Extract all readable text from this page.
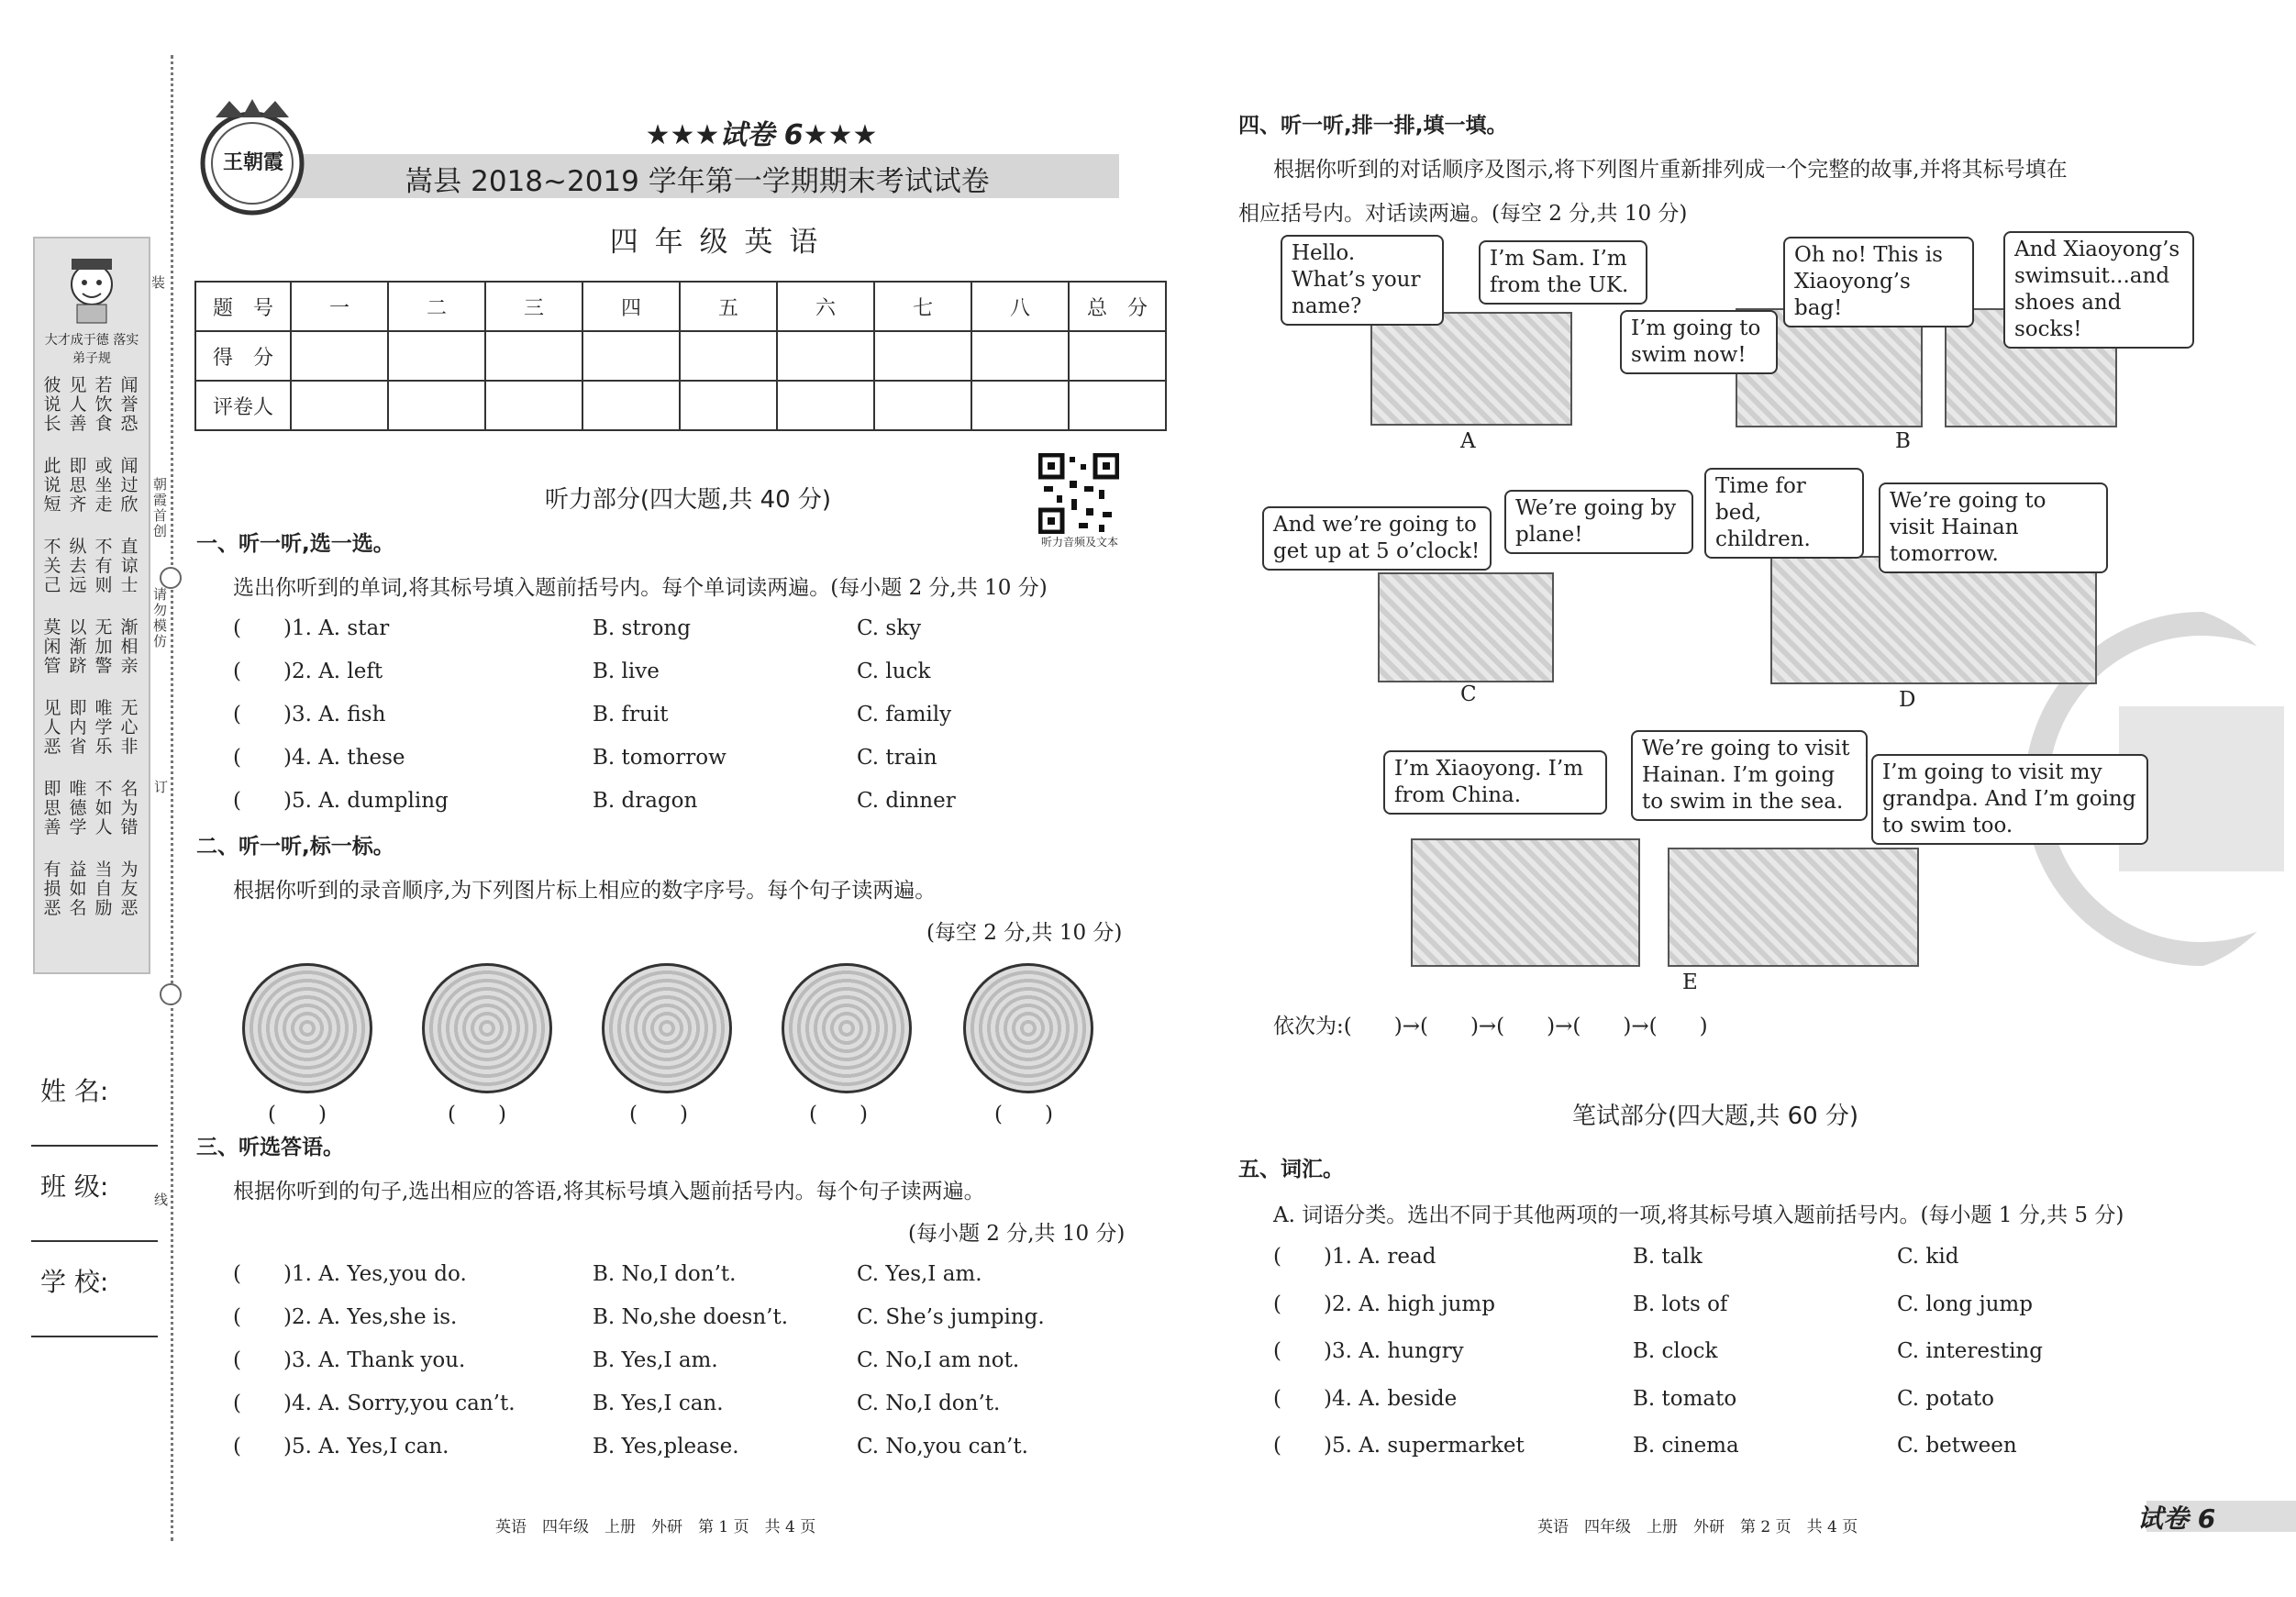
大才成于德 落实弟子规
彼说长
见人善
若饮食
闻誉恐
此说短
即思齐
或坐走
闻过欣
不关己
纵去远
不有则
直谅士
莫闲管
以渐跻
无加警
渐相亲
见人恶
即内省
唯学乐
无心非
即思善
唯德学
不如人
名为错
有损恶
益如名
当自励
为友恶
装
朝霞首创
请勿模仿
订
线
姓 名:
班 级:
学 校:
王朝霞
★★★试卷 6★★★
嵩县 2018~2019 学年第一学期期末考试试卷
四 年 级 英 语
题　号	一	二	三	四	五	六	七	八	总　分
得　分									
评卷人									
听力音频及文本
听力部分(四大题,共 40 分)
一、听一听,选一选。
选出你听到的单词,将其标号填入题前括号内。每个单词读两遍。(每小题 2 分,共 10 分)
(　　)1. A. star	B. strong	C. sky
(　　)2. A. left	B. live	C. luck
(　　)3. A. fish	B. fruit	C. family
(　　)4. A. these	B. tomorrow	C. train
(　　)5. A. dumpling	B. dragon	C. dinner
二、听一听,标一标。
根据你听到的录音顺序,为下列图片标上相应的数字序号。每个句子读两遍。
(每空 2 分,共 10 分)
(　　)	(　　)	(　　)	(　　)	(　　)
三、听选答语。
根据你听到的句子,选出相应的答语,将其标号填入题前括号内。每个句子读两遍。
(每小题 2 分,共 10 分)
(　　)1. A. Yes,you do.	B. No,I don’t.	C. Yes,I am.
(　　)2. A. Yes,she is.	B. No,she doesn’t.	C. She’s jumping.
(　　)3. A. Thank you.	B. Yes,I am.	C. No,I am not.
(　　)4. A. Sorry,you can’t.	B. Yes,I can.	C. No,I don’t.
(　　)5. A. Yes,I can.	B. Yes,please.	C. No,you can’t.
英语　四年级　上册　外研　第 1 页　共 4 页
四、听一听,排一排,填一填。
根据你听到的对话顺序及图示,将下列图片重新排列成一个完整的故事,并将其标号填在
相应括号内。对话读两遍。(每空 2 分,共 10 分)
Hello. What’s your name?
I’m Sam. I’m from the UK.
Oh no! This is Xiaoyong’s bag!
And Xiaoyong’s swimsuit...and shoes and socks!
I’m going to swim now!
And we’re going to get up at 5 o’clock!
We’re going by plane!
Time for bed, children.
We’re going to visit Hainan tomorrow.
I’m Xiaoyong. I’m from China.
We’re going to visit Hainan. I’m going to swim in the sea.
I’m going to visit my grandpa. And I’m going to swim too.
A	B
C	D
E
依次为:(　　)→(　　)→(　　)→(　　)→(　　)
笔试部分(四大题,共 60 分)
五、词汇。
A. 词语分类。选出不同于其他两项的一项,将其标号填入题前括号内。(每小题 1 分,共 5 分)
(　　)1. A. read	B. talk	C. kid
(　　)2. A. high jump	B. lots of	C. long jump
(　　)3. A. hungry	B. clock	C. interesting
(　　)4. A. beside	B. tomato	C. potato
(　　)5. A. supermarket	B. cinema	C. between
英语　四年级　上册　外研　第 2 页　共 4 页	试卷 6
